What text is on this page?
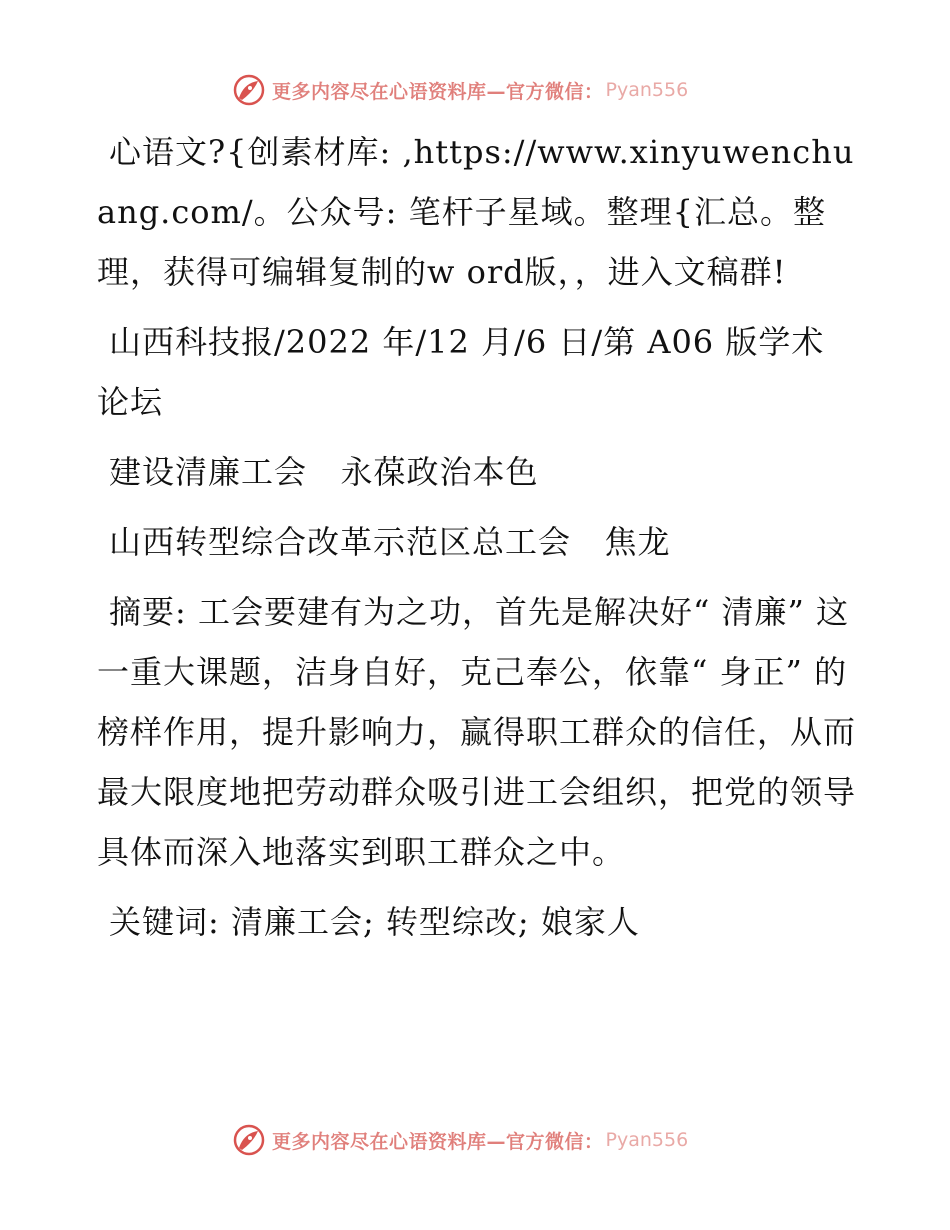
更多内容尽在心语资料库—官方微信： Pyan556

心语文?{创素材库: ,https://www.xinyuwenchuang.com/。公众号: 笔杆子星域。整理{汇总。整理，获得可编辑复制的w ord版，，进入文稿群!

山西科技报/2022 年/12 月/6 日/第 A06 版学术论坛

建设清廉工会   永葆政治本色

山西转型综合改革示范区总工会   焦龙

摘要: 工会要建有为之功，首先是解决好“ 清廉” 这一重大课题，洁身自好，克己奉公，依靠“ 身正” 的榜样作用，提升影响力，赢得职工群众的信任，从而最大限度地把劳动群众吸引进工会组织，把党的领导具体而深入地落实到职工群众之中。

关键词: 清廉工会; 转型综改; 娘家人

更多内容尽在心语资料库—官方微信： Pyan556
